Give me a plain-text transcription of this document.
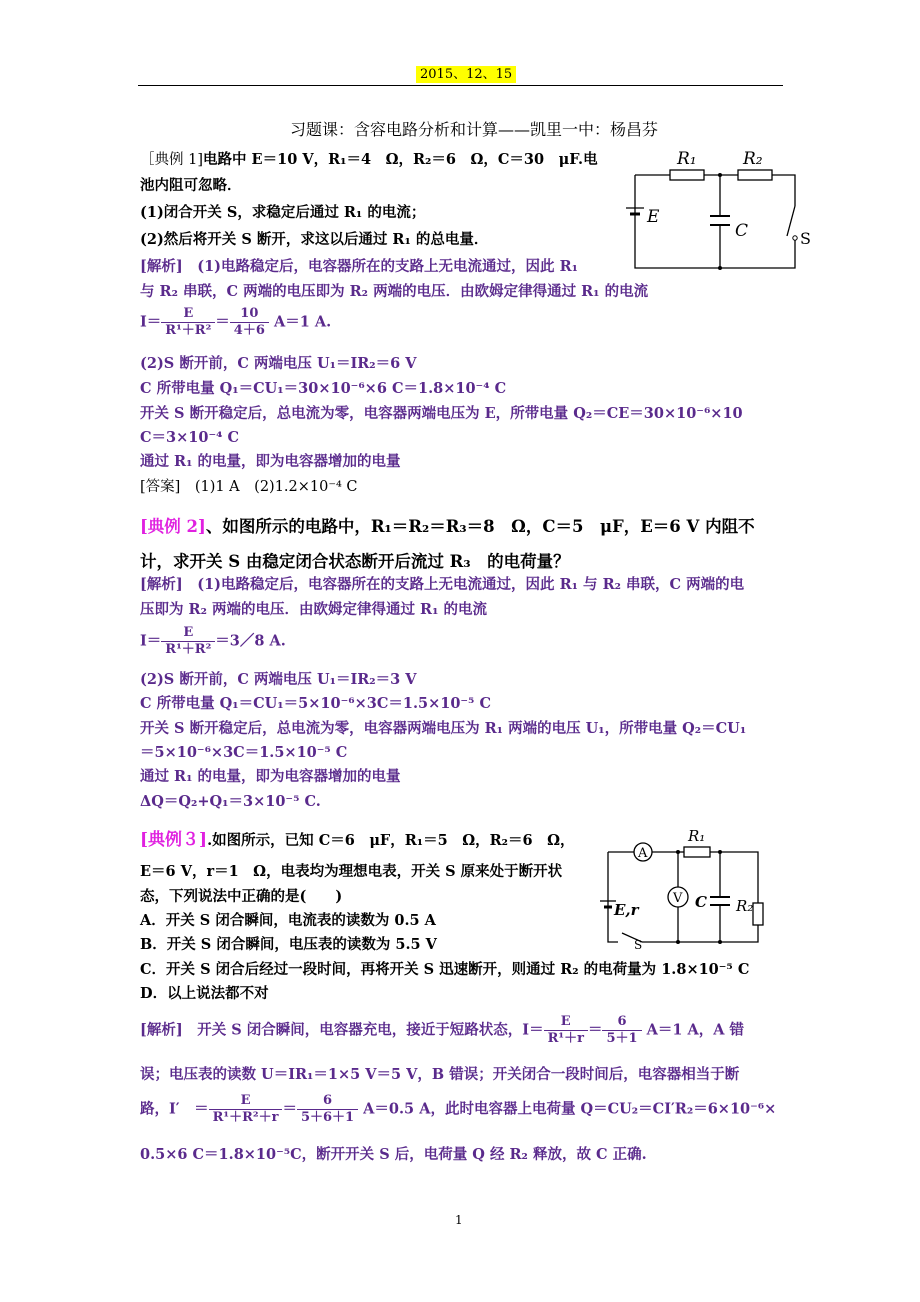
2015、12、15
习题课：含容电路分析和计算——凯里一中：杨昌芬
［典例 1]电路中 E＝10 V，R₁＝4　Ω，R₂＝6　Ω，C＝30　μF.电
池内阻可忽略．
(1)闭合开关 S，求稳定后通过 R₁ 的电流；
(2)然后将开关 S 断开，求这以后通过 R₁ 的总电量．
[解析]　(1)电路稳定后，电容器所在的支路上无电流通过，因此 R₁
与 R₂ 串联，C 两端的电压即为 R₂ 两端的电压．由欧姆定律得通过 R₁ 的电流
$I= \frac{E}{\text{R¹＋R²}} = \frac{10}{4+6} A=1$ A.
(2)S 断开前，C 两端电压 U₁＝IR₂＝6 V
C 所带电量 Q₁＝CU₁＝30×10⁻⁶×6 C＝1.8×10⁻⁴ C
开关 S 断开稳定后，总电流为零，电容器两端电压为 E，所带电量 Q₂＝CE＝30×10⁻⁶×10
C＝3×10⁻⁴ C
通过 R₁ 的电量，即为电容器增加的电量
[答案]　(1)1 A　(2)1.2×10⁻⁴ C
R₁	R₂
E
C	S
[典例 2]、如图所示的电路中，R₁＝R₂＝R₃＝8　Ω，C＝5　μF，E＝6 V 内阻不
计，求开关 S 由稳定闭合状态断开后流过 R₃　的电荷量？
[解析]　(1)电路稳定后，电容器所在的支路上无电流通过，因此 R₁ 与 R₂ 串联，C 两端的电
压即为 R₂ 两端的电压．由欧姆定律得通过 R₁ 的电流
$I= \frac{E}{\text{R¹＋R²}}$ ＝3／8 A.
(2)S 断开前，C 两端电压 U₁＝IR₂＝3 V
C 所带电量 Q₁＝CU₁＝5×10⁻⁶×3C＝1.5×10⁻⁵ C
开关 S 断开稳定后，总电流为零，电容器两端电压为 R₁ 两端的电压 U₁，所带电量 Q₂＝CU₁
＝5×10⁻⁶×3C＝1.5×10⁻⁵ C
通过 R₁ 的电量，即为电容器增加的电量
ΔQ＝Q₂+Q₁＝3×10⁻⁵ C.
[典例３].如图所示，已知 C＝6　μF，R₁＝5　Ω，R₂＝6　Ω，
E＝6 V，r＝1　Ω，电表均为理想电表，开关 S 原来处于断开状
态，下列说法中正确的是(　　)
A．开关 S 闭合瞬间，电流表的读数为 0.5 A
B．开关 S 闭合瞬间，电压表的读数为 5.5 V
C．开关 S 闭合后经过一段时间，再将开关 S 迅速断开，则通过 R₂ 的电荷量为 1.8×10⁻⁵ C
D．以上说法都不对
[解析]　开关 S 闭合瞬间，电容器充电，接近于短路状态，$I= \frac{E}{\text{R¹＋r}} = \frac{6}{5+1} A=1$ A，A 错
误；电压表的读数 U＝IR₁＝1×5 V＝5 V，B 错误；开关闭合一段时间后，电容器相当于断
路，I′　＝ $\frac{E}{\text{R¹＋R²＋r}} = \frac{6}{5+6+1} A=0.5$ A，此时电容器上电荷量 Q＝CU₂＝CI′R₂＝6×10⁻⁶×
0.5×6 C＝1.8×10⁻⁵C，断开开关 S 后，电荷量 Q 经 R₂ 释放，故 C 正确.
A
V
R₁
R₂
E,r	C
S
1
